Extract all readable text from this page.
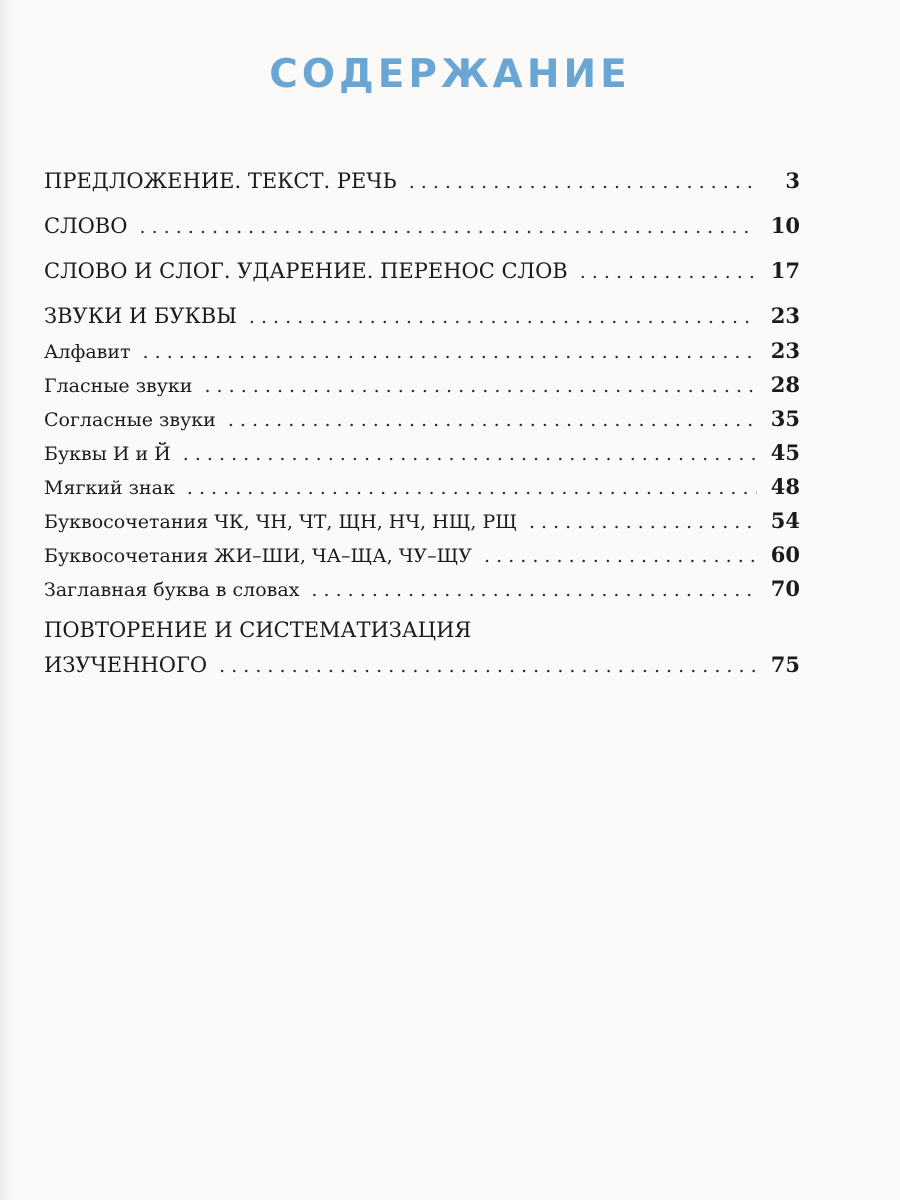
СОДЕРЖАНИЕ
ПРЕДЛОЖЕНИЕ. ТЕКСТ. РЕЧЬ . . .	3
СЛОВО . . .	10
СЛОВО И СЛОГ. УДАРЕНИЕ. ПЕРЕНОС СЛОВ . . .	17
ЗВУКИ И БУКВЫ . . .	23
Алфавит . . .	23
Гласные звуки . . .	28
Согласные звуки . . .	35
Буквы И и Й . . .	45
Мягкий знак . . .	48
Буквосочетания ЧК, ЧН, ЧТ, ЩН, НЧ, НЩ, РЩ . . .	54
Буквосочетания ЖИ–ШИ, ЧА–ЩА, ЧУ–ЩУ . . .	60
Заглавная буква в словах . . .	70
ПОВТОРЕНИЕ И СИСТЕМАТИЗАЦИЯ
ИЗУЧЕННОГО . . .	75
